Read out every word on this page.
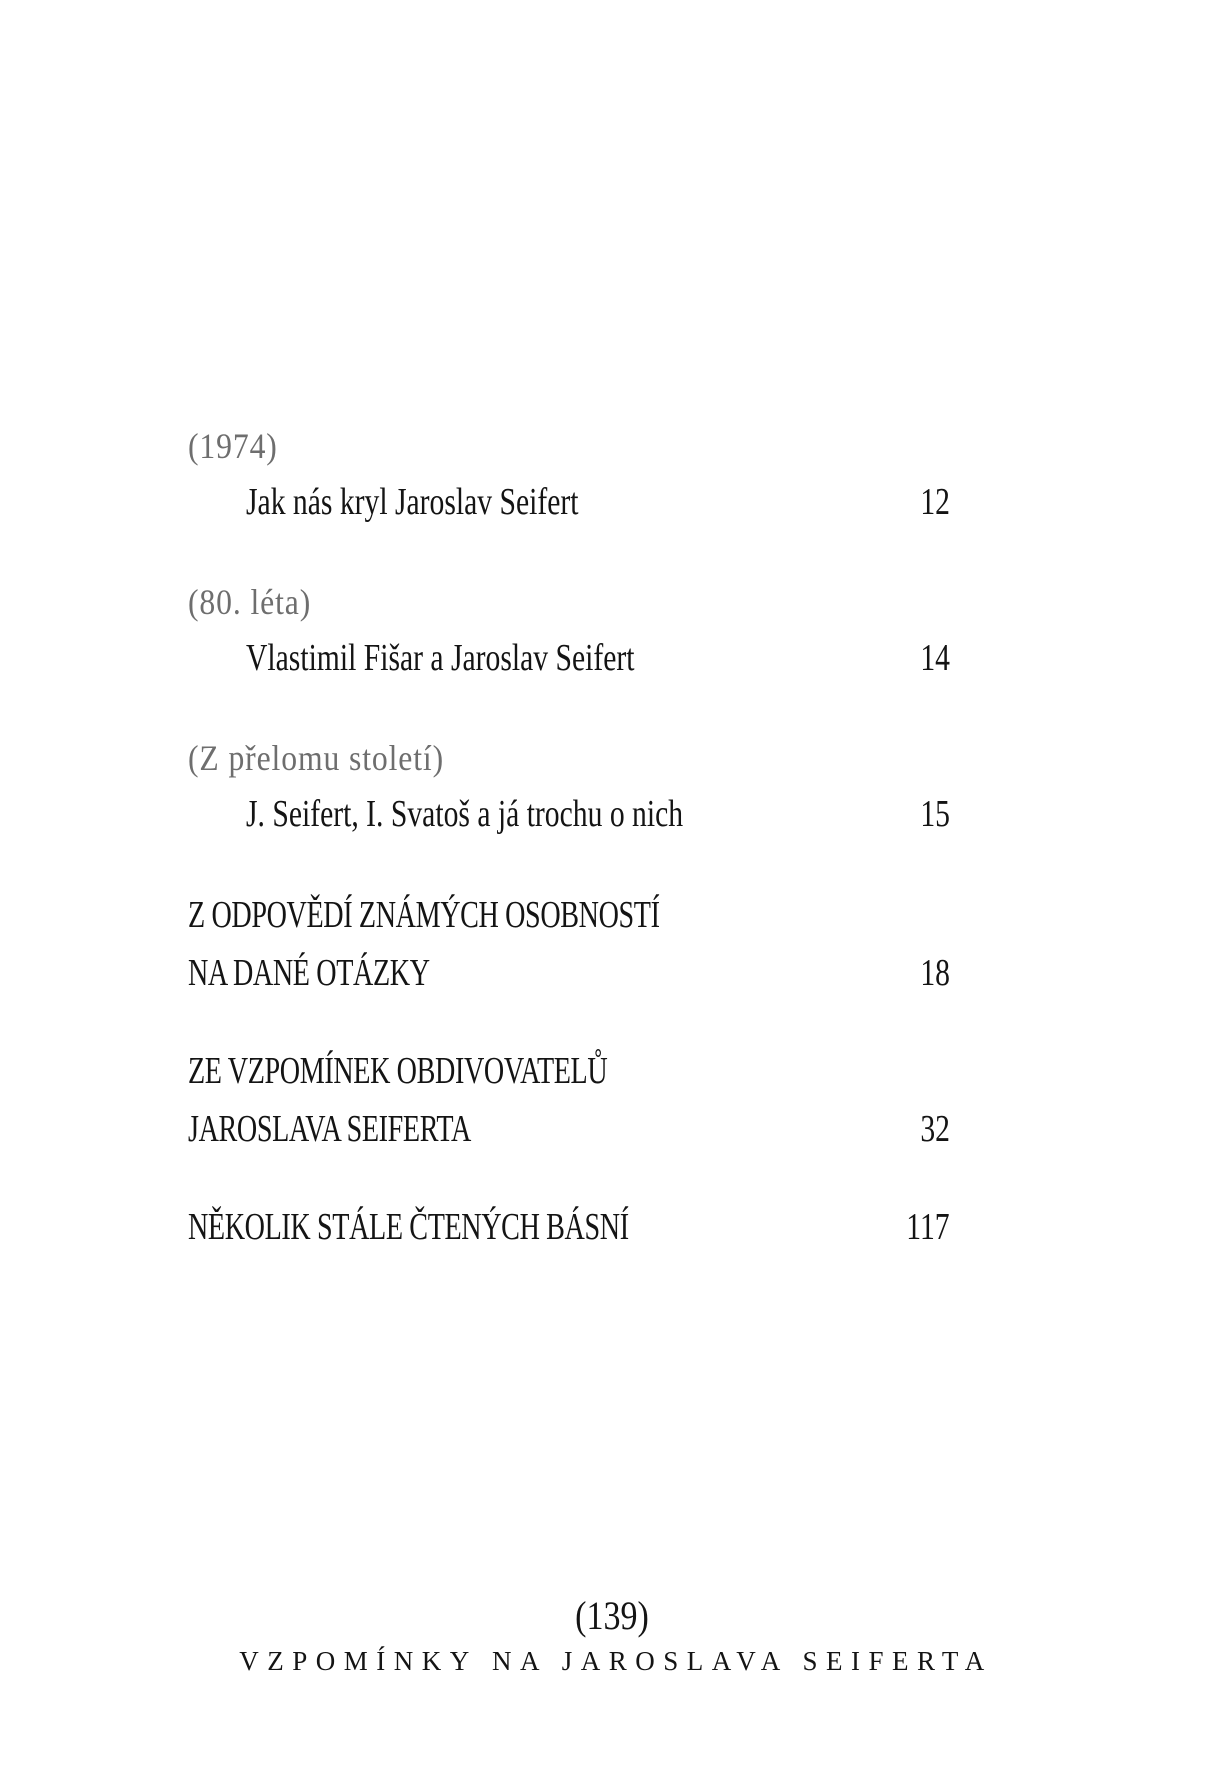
(1974)
Jak nás kryl Jaroslav Seifert	12
(80. léta)
Vlastimil Fišar a Jaroslav Seifert	14
(Z přelomu století)
J. Seifert, I. Svatoš a já trochu o nich	15
Z ODPOVĚDÍ ZNÁMÝCH OSOBNOSTÍ
NA DANÉ OTÁZKY	18
ZE VZPOMÍNEK OBDIVOVATELŮ
JAROSLAVA SEIFERTA	32
NĚKOLIK STÁLE ČTENÝCH BÁSNÍ	117
(139)
VZPOMÍNKY NA JAROSLAVA SEIFERTA
